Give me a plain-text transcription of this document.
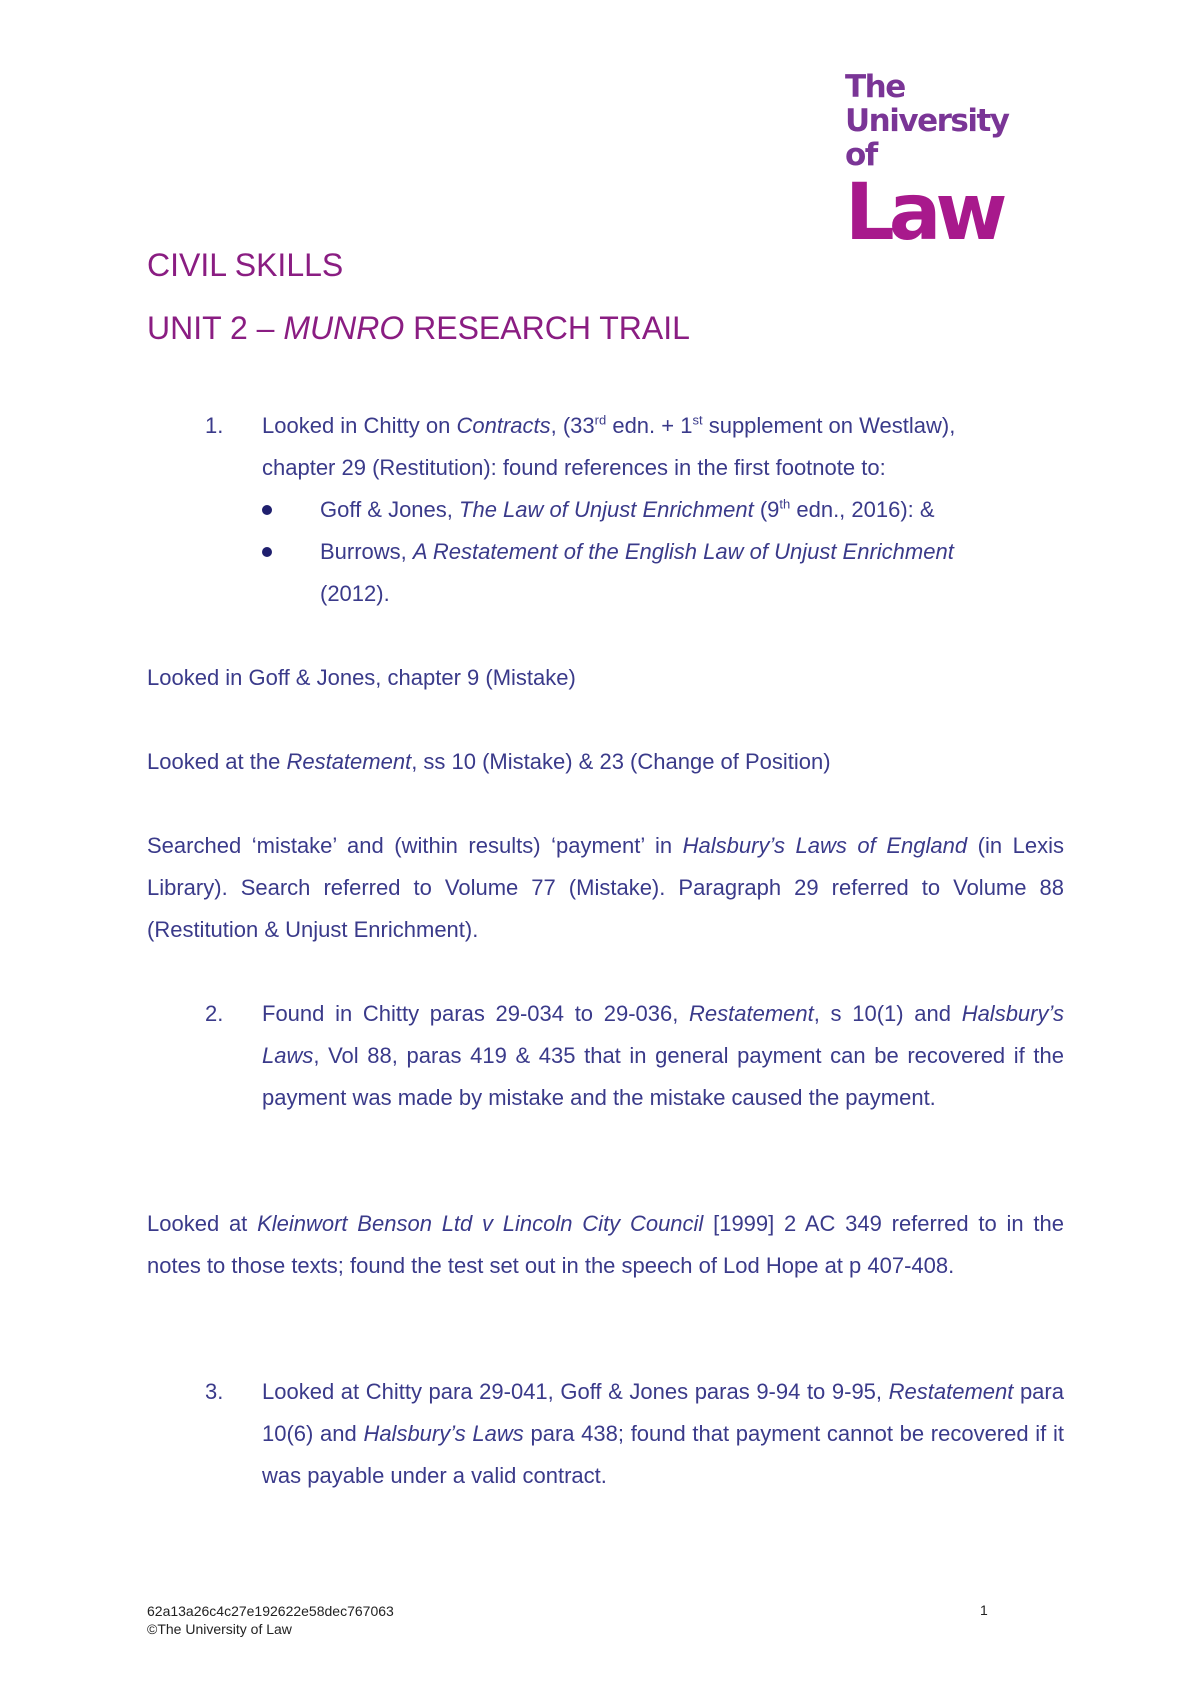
The
University of
Law
CIVIL SKILLS
UNIT 2 – MUNRO RESEARCH TRAIL
1. Looked in Chitty on Contracts, (33rd edn. + 1st supplement on Westlaw),
chapter 29 (Restitution): found references in the first footnote to:

Goff & Jones, The Law of Unjust Enrichment (9th edn., 2016): &

Burrows, A Restatement of the English Law of Unjust Enrichment
(2012).

Looked in Goff & Jones, chapter 9 (Mistake)

Looked at the Restatement, ss 10 (Mistake) & 23 (Change of Position)

Searched ‘mistake’ and (within results) ‘payment’ in Halsbury’s Laws of England (in Lexis Library). Search referred to Volume 77 (Mistake). Paragraph 29 referred to Volume 88 (Restitution & Unjust Enrichment).

2. Found in Chitty paras 29-034 to 29-036, Restatement, s 10(1) and Halsbury’s Laws, Vol 88, paras 419 & 435 that in general payment can be recovered if the payment was made by mistake and the mistake caused the payment.

Looked at Kleinwort Benson Ltd v Lincoln City Council [1999] 2 AC 349 referred to in the notes to those texts; found the test set out in the speech of Lod Hope at p 407-408.

3. Looked at Chitty para 29-041, Goff & Jones paras 9-94 to 9-95, Restatement para 10(6) and Halsbury’s Laws para 438; found that payment cannot be recovered if it was payable under a valid contract.

62a13a26c4c27e192622e58dec767063
©The University of Law
1
